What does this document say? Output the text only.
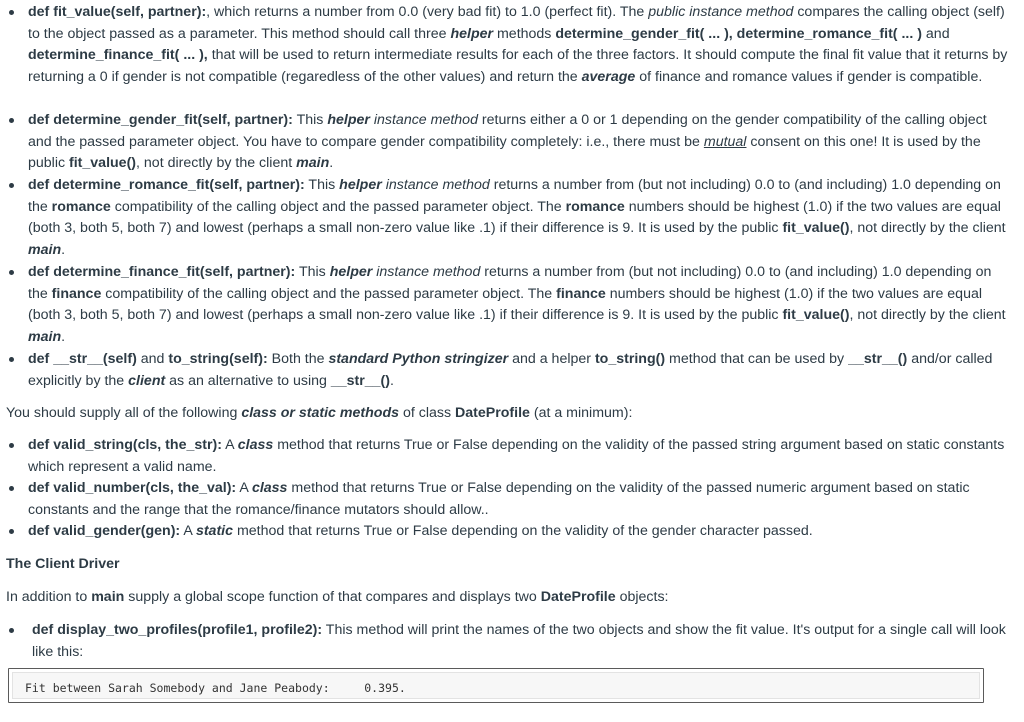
def fit_value(self, partner):, which returns a number from 0.0 (very bad fit) to 1.0 (perfect fit). The public instance method compares the calling object (self) to the object passed as a parameter. This method should call three helper methods determine_gender_fit( ... ), determine_romance_fit( ... ) and determine_finance_fit( ... ), that will be used to return intermediate results for each of the three factors. It should compute the final fit value that it returns by returning a 0 if gender is not compatible (regaredless of the other values) and return the average of finance and romance values if gender is compatible.
def determine_gender_fit(self, partner): This helper instance method returns either a 0 or 1 depending on the gender compatibility of the calling object and the passed parameter object. You have to compare gender compatibility completely: i.e., there must be mutual consent on this one! It is used by the public fit_value(), not directly by the client main.
def determine_romance_fit(self, partner): This helper instance method returns a number from (but not including) 0.0 to (and including) 1.0 depending on the romance compatibility of the calling object and the passed parameter object. The romance numbers should be highest (1.0) if the two values are equal (both 3, both 5, both 7) and lowest (perhaps a small non-zero value like .1) if their difference is 9. It is used by the public fit_value(), not directly by the client main.
def determine_finance_fit(self, partner): This helper instance method returns a number from (but not including) 0.0 to (and including) 1.0 depending on the finance compatibility of the calling object and the passed parameter object. The finance numbers should be highest (1.0) if the two values are equal (both 3, both 5, both 7) and lowest (perhaps a small non-zero value like .1) if their difference is 9. It is used by the public fit_value(), not directly by the client main.
def __str__(self) and to_string(self): Both the standard Python stringizer and a helper to_string() method that can be used by __str__() and/or called explicitly by the client as an alternative to using __str__().
You should supply all of the following class or static methods of class DateProfile (at a minimum):
def valid_string(cls, the_str): A class method that returns True or False depending on the validity of the passed string argument based on static constants which represent a valid name.
def valid_number(cls, the_val): A class method that returns True or False depending on the validity of the passed numeric argument based on static constants and the range that the romance/finance mutators should allow..
def valid_gender(gen): A static method that returns True or False depending on the validity of the gender character passed.
The Client Driver
In addition to main supply a global scope function of that compares and displays two DateProfile objects:
def display_two_profiles(profile1, profile2): This method will print the names of the two objects and show the fit value. It's output for a single call will look like this:
Fit between Sarah Somebody and Jane Peabody:     0.395.
